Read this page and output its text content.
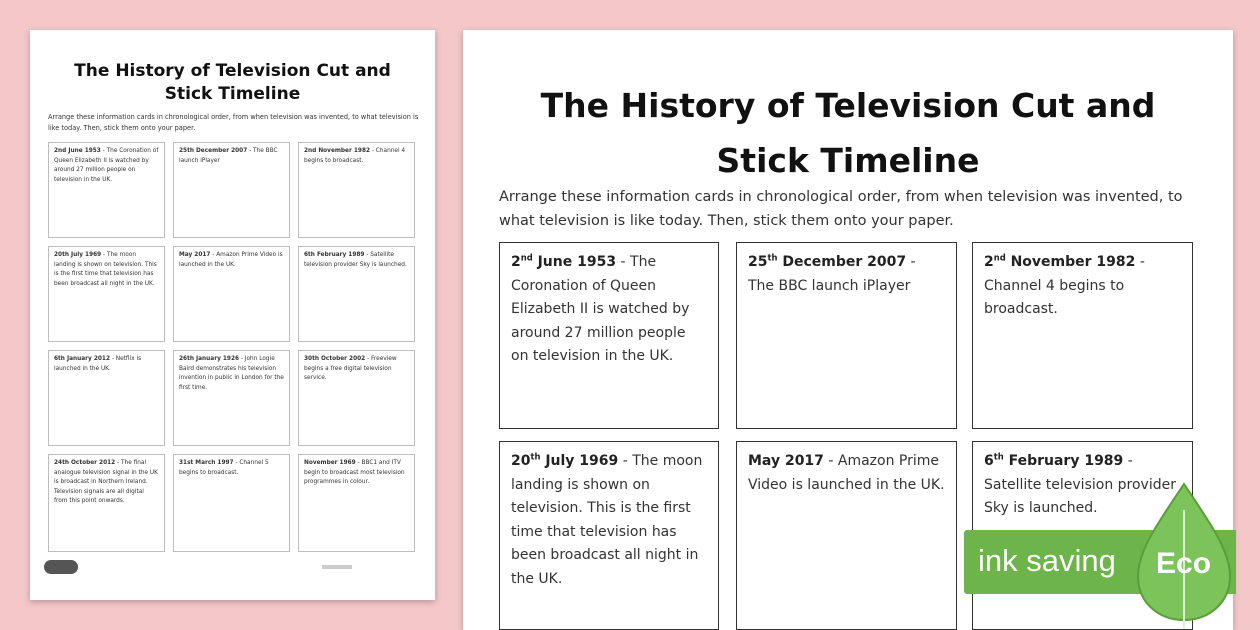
The History of Television Cut and
Stick Timeline
Arrange these information cards in chronological order, from when television was invented, to what television is like today. Then, stick them onto your paper.
2nd June 1953 - The Coronation of Queen Elizabeth II is watched by around 27 million people on television in the UK.
25th December 2007 - The BBC launch iPlayer
2nd November 1982 - Channel 4 begins to broadcast.
20th July 1969 - The moon landing is shown on television. This is the first time that television has been broadcast all night in the UK.
May 2017 - Amazon Prime Video is launched in the UK.
6th February 1989 - Satellite television provider Sky is launched.
6th January 2012 - Netflix is launched in the UK.
26th January 1926 - John Logie Baird demonstrates his television invention in public in London for the first time.
30th October 2002 - Freeview begins a free digital television service.
24th October 2012 - The final analogue television signal in the UK is broadcast in Northern Ireland. Television signals are all digital from this point onwards.
31st March 1997 - Channel 5 begins to broadcast.
November 1969 - BBC1 and ITV begin to broadcast most television programmes in colour.
The History of Television Cut and
Stick Timeline
Arrange these information cards in chronological order, from when television was invented, to what television is like today. Then, stick them onto your paper.
2nd June 1953 - The Coronation of Queen Elizabeth II is watched by around 27 million people on television in the UK.
25th December 2007 - The BBC launch iPlayer
2nd November 1982 - Channel 4 begins to broadcast.
20th July 1969 - The moon landing is shown on television. This is the first time that television has been broadcast all night in the UK.
May 2017 - Amazon Prime Video is launched in the UK.
6th February 1989 - Satellite television provider Sky is launched.
ink saving Eco
